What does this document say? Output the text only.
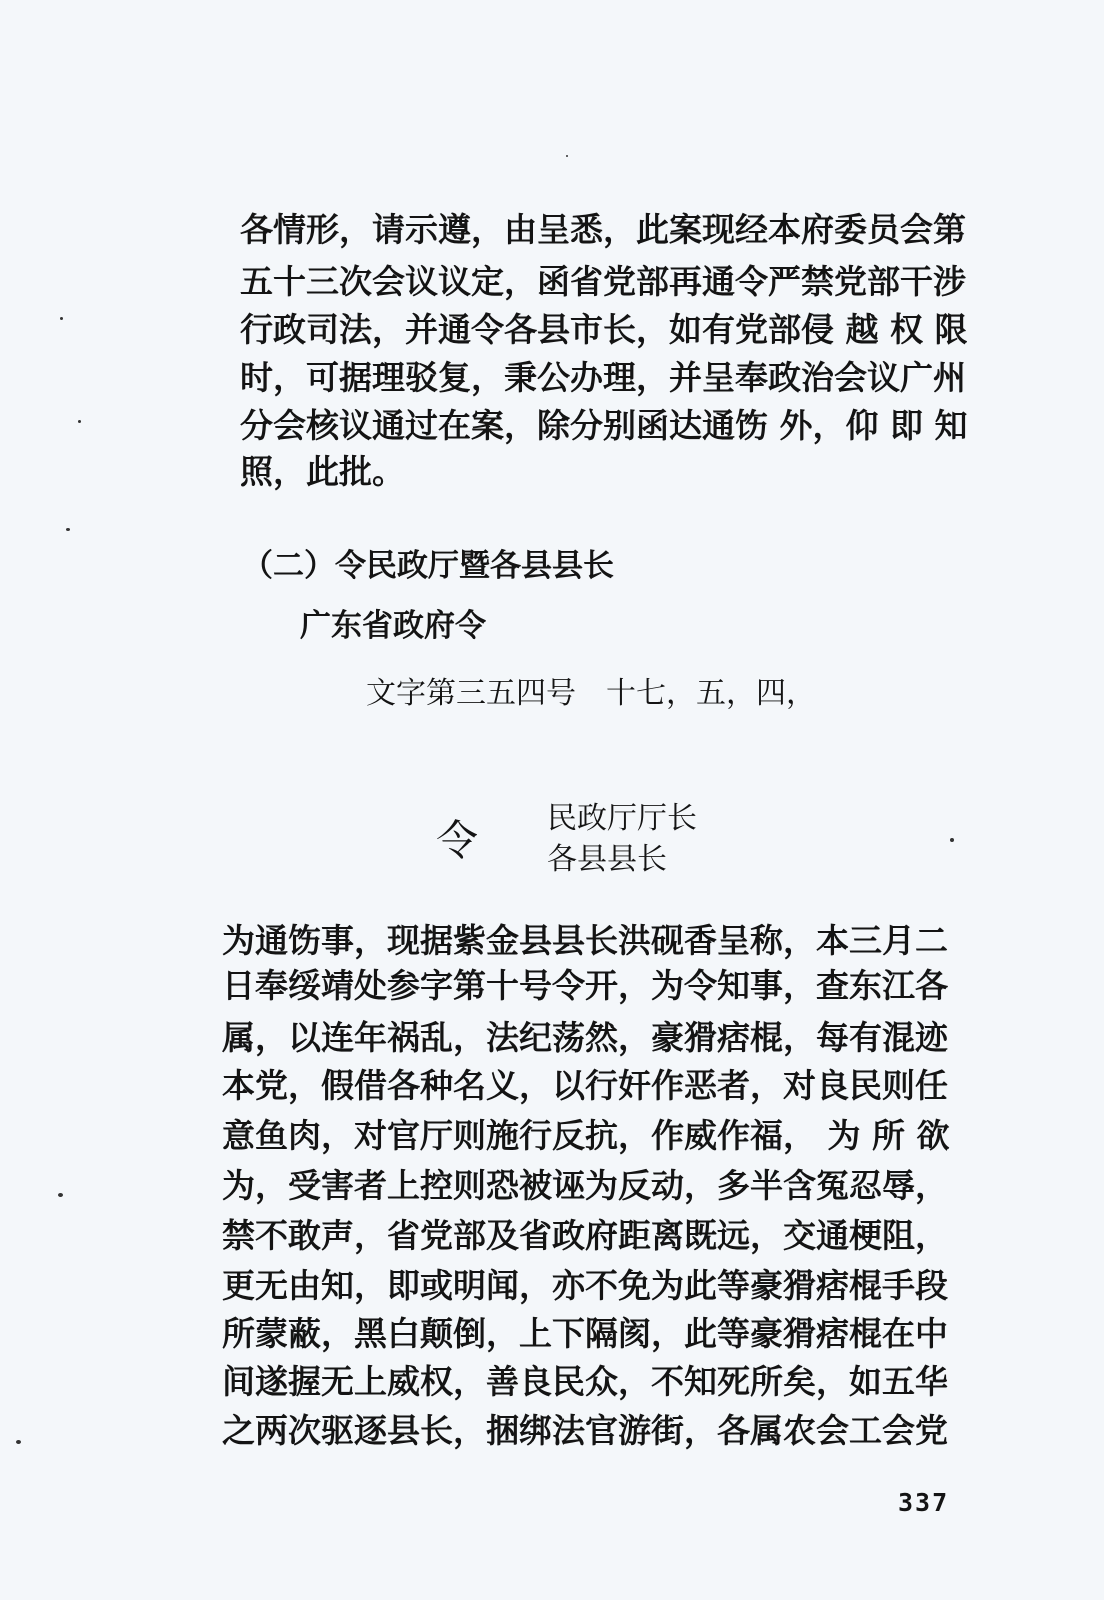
各情形，请示遵，由呈悉，此案现经本府委员会第
五十三次会议议定，函省党部再通令严禁党部干涉
行政司法，并通令各县市长，如有党部侵 越 权 限
时，可据理驳复，秉公办理，并呈奉政治会议广州
分会核议通过在案，除分别函达通饬 外，仰 即 知
照，此批。
（二）令民政厅暨各县县长
广东省政府令
文字第三五四号　十七，五，四，
令 民政厅厅长
各县县长
为通饬事，现据紫金县县长洪砚香呈称，本三月二
日奉绥靖处参字第十号令开，为令知事，查东江各
属，以连年祸乱，法纪荡然，豪猾痞棍，每有混迹
本党，假借各种名义，以行奸作恶者，对良民则任
意鱼肉，对官厅则施行反抗，作威作福， 为 所 欲
为，受害者上控则恐被诬为反动，多半含冤忍辱，
禁不敢声，省党部及省政府距离既远，交通梗阻，
更无由知，即或明闻，亦不免为此等豪猾痞棍手段
所蒙蔽，黑白颠倒，上下隔阂，此等豪猾痞棍在中
间遂握无上威权，善良民众，不知死所矣，如五华
之两次驱逐县长，捆绑法官游街，各属农会工会党
337
